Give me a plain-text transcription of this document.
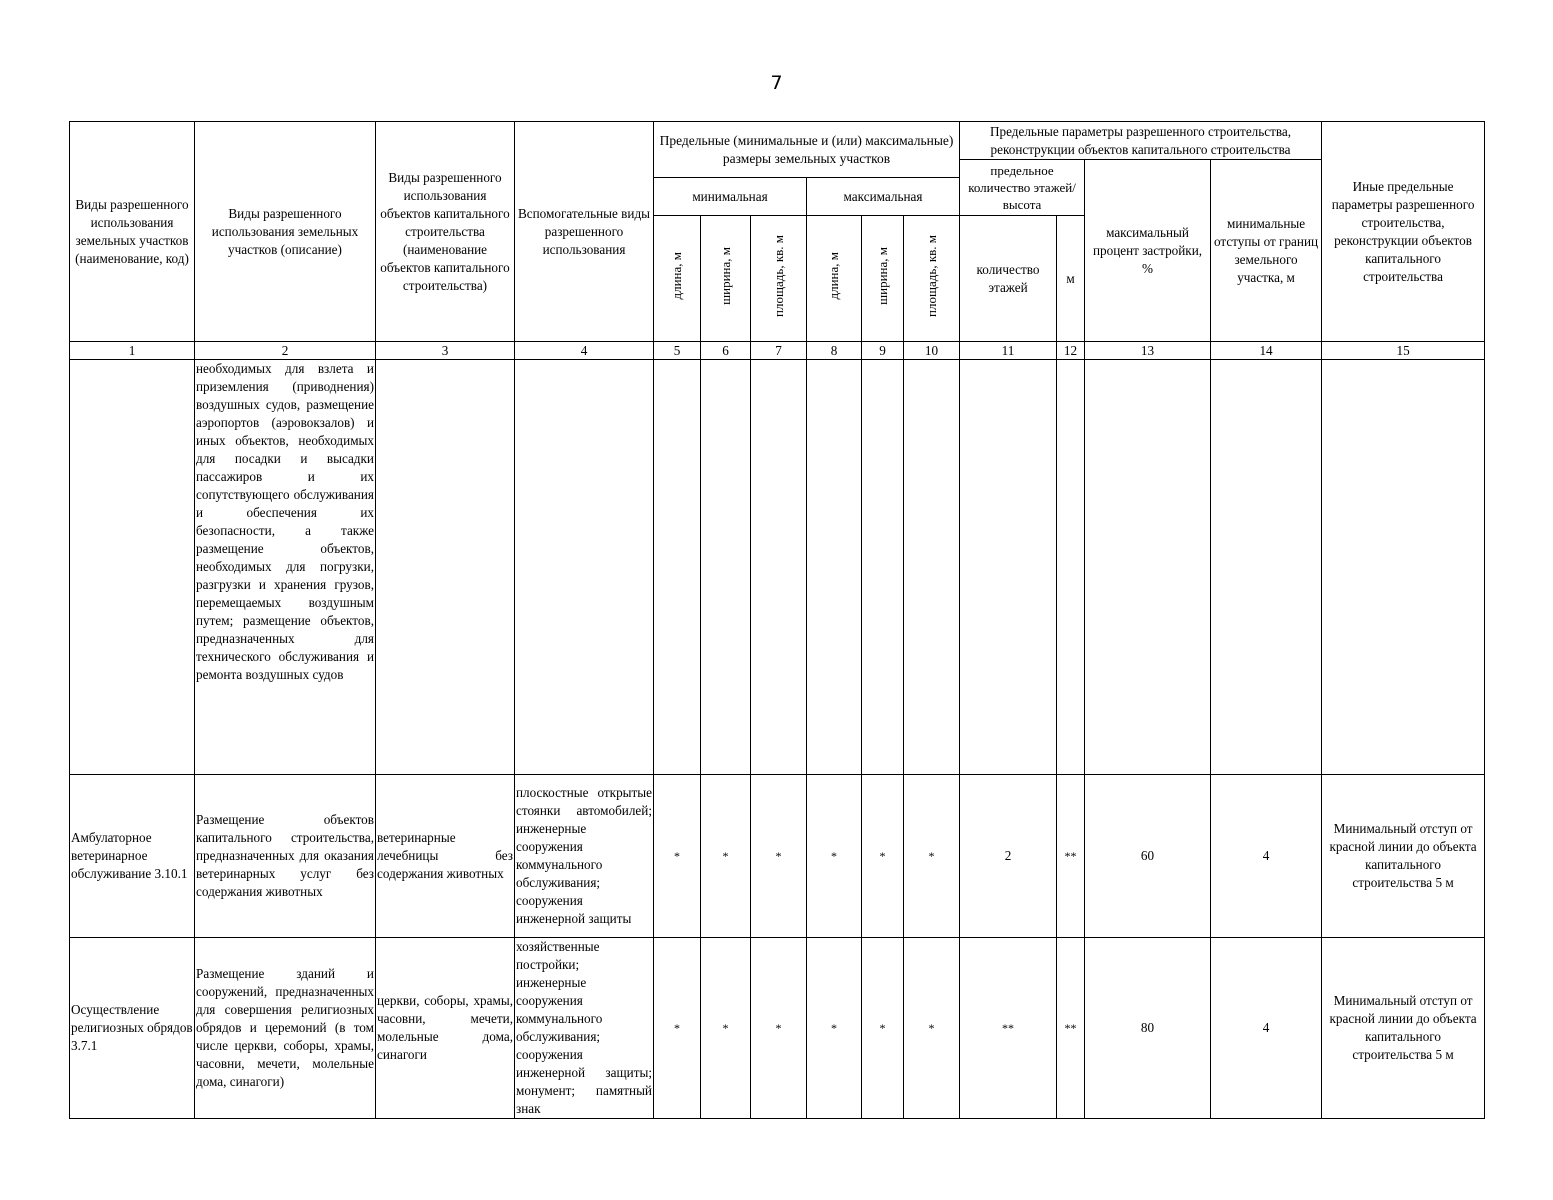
7
Виды разрешенного использования земельных участков (наименование, код)	Виды разрешенного использования земельных участков (описание)	Виды разрешенного использования объектов капитального строительства (наименование объектов капитального строительства)	Вспомогательные виды разрешенного использования	Предельные (минимальные и (или) максимальные) размеры земельных участков						Предельные параметры разрешенного строительства, реконструкции объектов капитального строительства				Иные предельные параметры разрешенного строительства, реконструкции объектов капитального строительства
										предельное количество этажей/высота		максимальный процент застройки, %	минимальные отступы от границ земельного участка, м	
				минимальная			максимальная							
				длина, м	ширина, м	площадь, кв. м	длина, м	ширина, м	площадь, кв. м	количество этажей	м			
1	2	3	4	5	6	7	8	9	10	11	12	13	14	15
	необходимых для взлета и приземления (приводнения) воздушных судов, размещение аэропортов (аэровокзалов) и иных объектов, необходимых для посадки и высадки пассажиров и их сопутствующего обслуживания и обеспечения их безопасности, а также размещение объектов, необходимых для погрузки, разгрузки и хранения грузов, перемещаемых воздушным путем; размещение объектов, предназначенных для технического обслуживания и ремонта воздушных судов													
Амбулаторное ветеринарное обслуживание 3.10.1	Размещение объектов капитального строительства, предназначенных для оказания ветеринарных услуг без содержания животных	ветеринарные лечебницы без содержания животных	плоскостные открытые стоянки автомобилей; инженерные сооружения коммунального обслуживания; сооружения инженерной защиты	*	*	*	*	*	*	2	**	60	4	Минимальный отступ от красной линии до объекта капитального строительства 5 м
Осуществление религиозных обрядов 3.7.1	Размещение зданий и сооружений, предназначенных для совершения религиозных обрядов и церемоний (в том числе церкви, соборы, храмы, часовни, мечети, молельные дома, синагоги)	церкви, соборы, храмы, часовни, мечети, молельные дома, синагоги	хозяйственные постройки; инженерные сооружения коммунального обслуживания; сооружения инженерной защиты; монумент; памятный знак	*	*	*	*	*	*	**	**	80	4	Минимальный отступ от красной линии до объекта капитального строительства 5 м
